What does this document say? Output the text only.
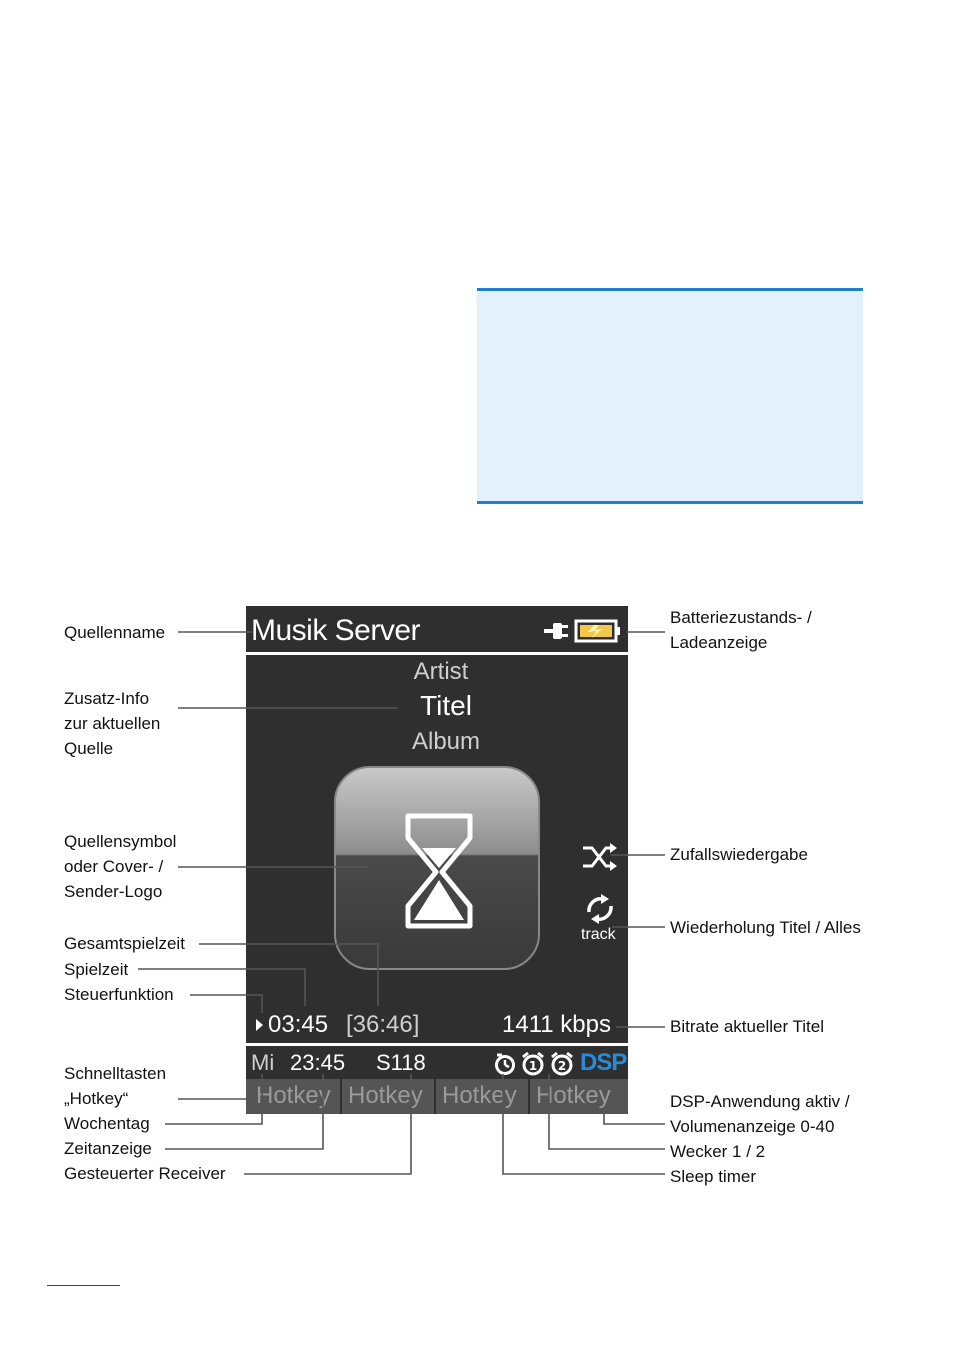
Musik Server
Artist
Titel
Album
track
03:45 [36:46]	1411 kbps
Mi 23:45 S118	1 2 DSP
Hotkey Hotkey Hotkey Hotkey
Quellenname
Zusatz-Info
zur aktuellen
Quelle
Quellensymbol
oder Cover- /
Sender-Logo
Gesamtspielzeit
Spielzeit
Steuerfunktion
Schnelltasten
„Hotkey“
Wochentag
Zeitanzeige
Gesteuerter Receiver
Batteriezustands- /
Ladeanzeige
Zufallswiedergabe
Wiederholung Titel / Alles
Bitrate aktueller Titel
DSP-Anwendung aktiv /
Volumenanzeige 0-40
Wecker 1 / 2
Sleep timer
